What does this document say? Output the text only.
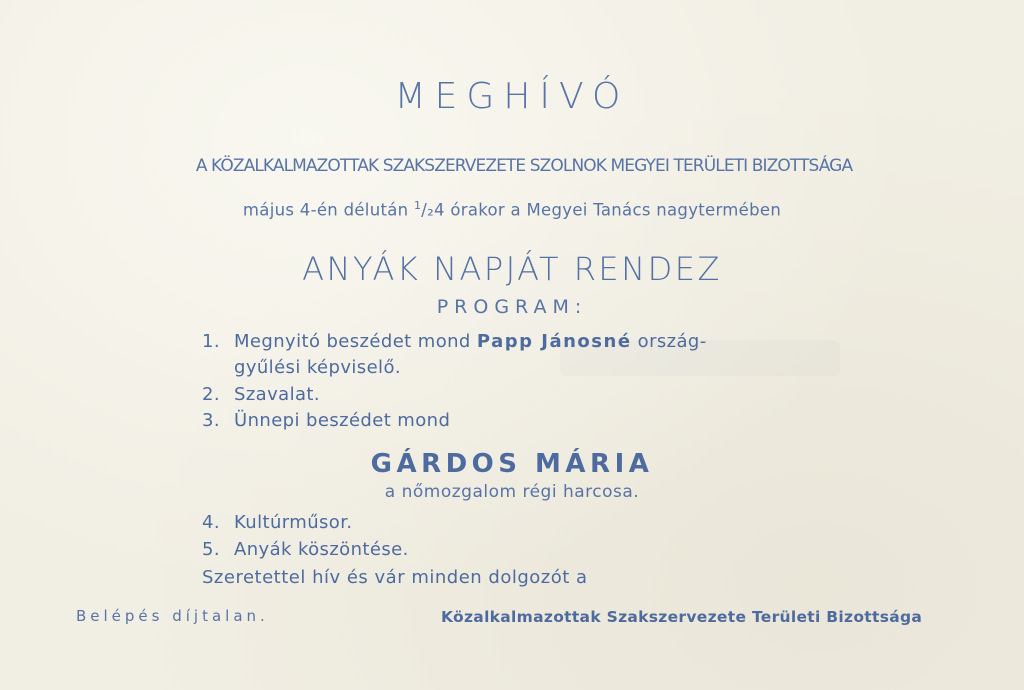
MEGHÍVÓ
A KÖZALKALMAZOTTAK SZAKSZERVEZETE SZOLNOK MEGYEI TERÜLETI BIZOTTSÁGA
május 4-én délután $^1$/₂4 órakor a Megyei Tanács nagytermében
ANYÁK NAPJÁT RENDEZ
PROGRAM:
1. Megnyitó beszédet mond Papp Jánosné ország-
gyűlési képviselő.
2. Szavalat.
3. Ünnepi beszédet mond
GÁRDOS MÁRIA
a nőmozgalom régi harcosa.
4. Kultúrműsor.
5. Anyák köszöntése.
Szeretettel hív és vár minden dolgozót a
Belépés díjtalan.	Közalkalmazottak Szakszervezete Területi Bizottsága
